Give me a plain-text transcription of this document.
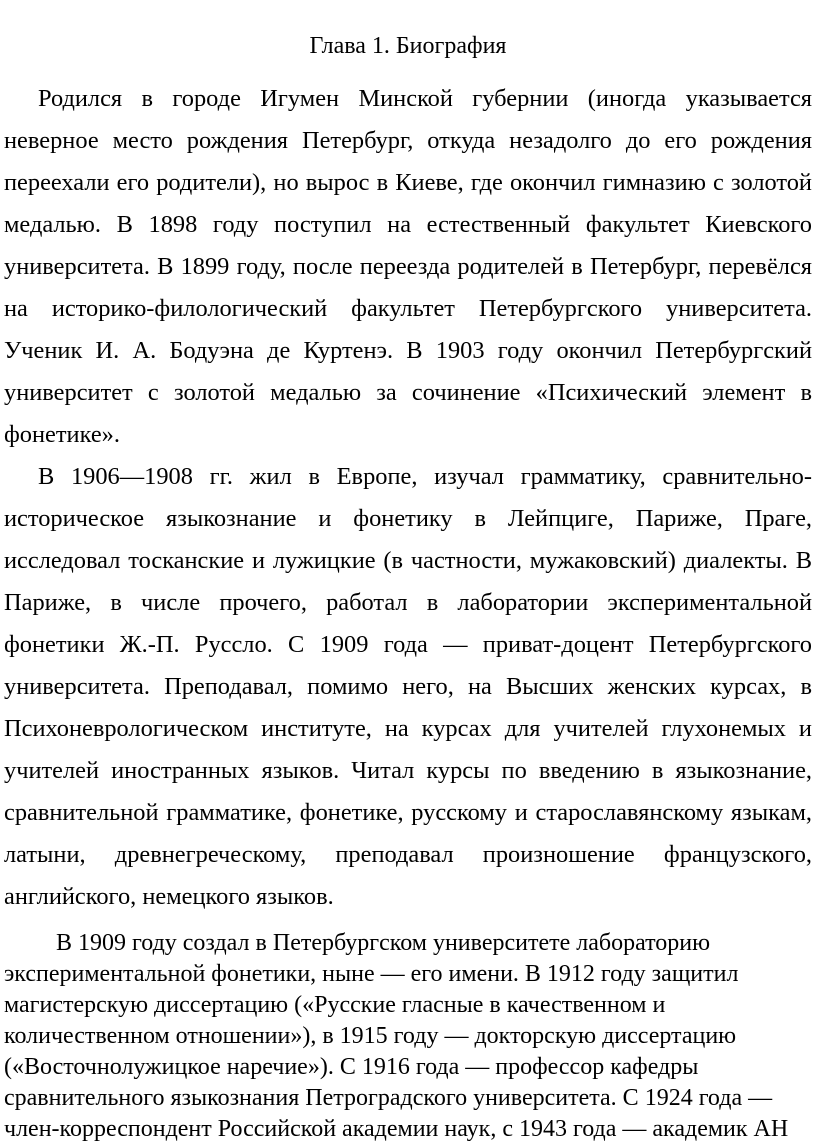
Глава 1. Биография

Родился в городе Игумен Минской губернии (иногда указывается неверное место рождения Петербург, откуда незадолго до его рождения переехали его родители), но вырос в Киеве, где окончил гимназию с золотой медалью. В 1898 году поступил на естественный факультет Киевского университета. В 1899 году, после переезда родителей в Петербург, перевёлся на историко-филологический факультет Петербургского университета. Ученик И. А. Бодуэна де Куртенэ. В 1903 году окончил Петербургский университет с золотой медалью за сочинение «Психический элемент в фонетике».

В 1906—1908 гг. жил в Европе, изучал грамматику, сравнительно-историческое языкознание и фонетику в Лейпциге, Париже, Праге, исследовал тосканские и лужицкие (в частности, мужаковский) диалекты. В Париже, в числе прочего, работал в лаборатории экспериментальной фонетики Ж.-П. Руссло. С 1909 года — приват-доцент Петербургского университета. Преподавал, помимо него, на Высших женских курсах, в Психоневрологическом институте, на курсах для учителей глухонемых и учителей иностранных языков. Читал курсы по введению в языкознание, сравнительной грамматике, фонетике, русскому и старославянскому языкам, латыни, древнегреческому, преподавал произношение французского, английского, немецкого языков.

В 1909 году создал в Петербургском университете лабораторию экспериментальной фонетики, ныне — его имени. В 1912 году защитил магистерскую диссертацию («Русские гласные в качественном и количественном отношении»), в 1915 году — докторскую диссертацию («Восточнолужицкое наречие»). С 1916 года — профессор кафедры сравнительного языкознания Петроградского университета. С 1924 года — член-корреспондент Российской академии наук, с 1943 года — академик АН
